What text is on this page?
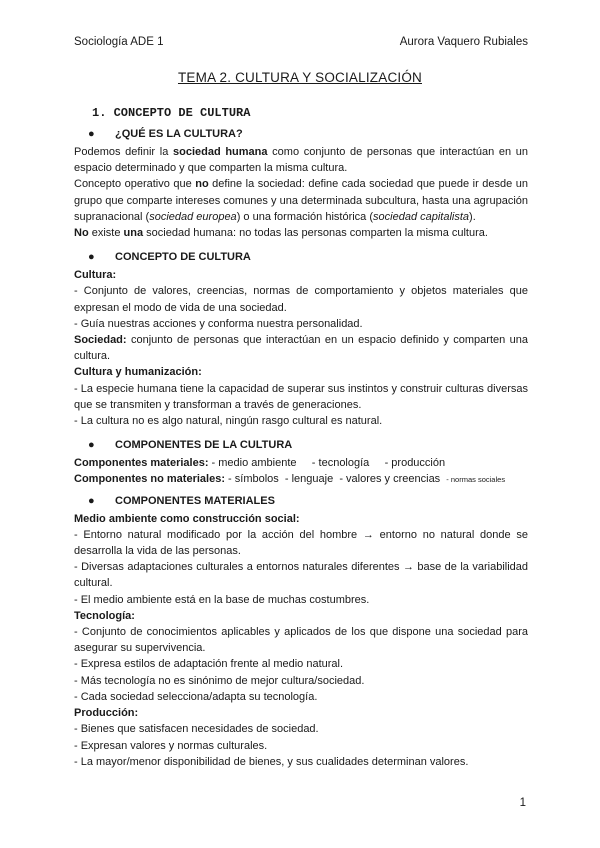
Sociología ADE 1	Aurora Vaquero Rubiales
TEMA 2. CULTURA Y SOCIALIZACIÓN
1. CONCEPTO DE CULTURA
● ¿QUÉ ES LA CULTURA?

Podemos definir la sociedad humana como conjunto de personas que interactúan en un espacio determinado y que comparten la misma cultura.

Concepto operativo que no define la sociedad: define cada sociedad que puede ir desde un grupo que comparte intereses comunes y una determinada subcultura, hasta una agrupación supranacional (sociedad europea) o una formación histórica (sociedad capitalista).

No existe una sociedad humana: no todas las personas comparten la misma cultura.

● CONCEPTO DE CULTURA

Cultura:

- Conjunto de valores, creencias, normas de comportamiento y objetos materiales que expresan el modo de vida de una sociedad.

- Guía nuestras acciones y conforma nuestra personalidad.

Sociedad: conjunto de personas que interactúan en un espacio definido y comparten una cultura.

Cultura y humanización:

- La especie humana tiene la capacidad de superar sus instintos y construir culturas diversas que se transmiten y transforman a través de generaciones.

- La cultura no es algo natural, ningún rasgo cultural es natural.

● COMPONENTES DE LA CULTURA

Componentes materiales: - medio ambiente     - tecnología     - producción

Componentes no materiales: - símbolos  - lenguaje  - valores y creencias  - normas sociales

● COMPONENTES MATERIALES

Medio ambiente como construcción social:

- Entorno natural modificado por la acción del hombre → entorno no natural donde se desarrolla la vida de las personas.

- Diversas adaptaciones culturales a entornos naturales diferentes → base de la variabilidad cultural.

- El medio ambiente está en la base de muchas costumbres.

Tecnología:

- Conjunto de conocimientos aplicables y aplicados de los que dispone una sociedad para asegurar su supervivencia.

- Expresa estilos de adaptación frente al medio natural.

- Más tecnología no es sinónimo de mejor cultura/sociedad.

- Cada sociedad selecciona/adapta su tecnología.

Producción:

- Bienes que satisfacen necesidades de sociedad.

- Expresan valores y normas culturales.

- La mayor/menor disponibilidad de bienes, y sus cualidades determinan valores.

1
